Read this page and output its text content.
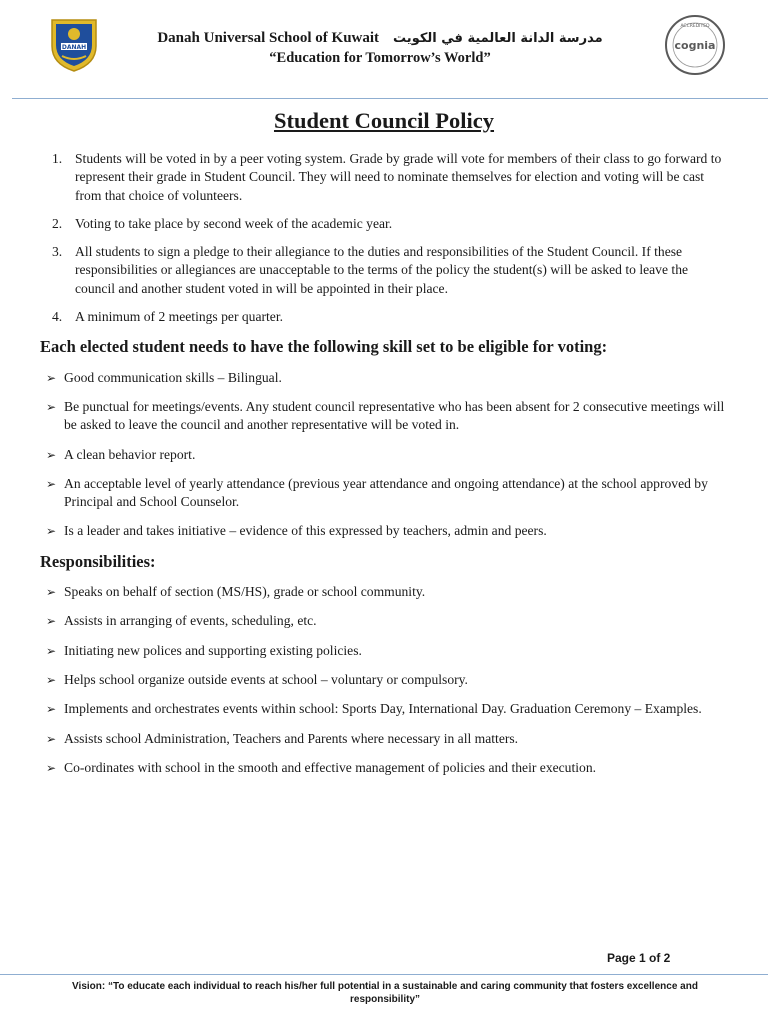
DANAH
Danah Universal School of Kuwait مدرسة الدانة العالمية في الكويت
“Education for Tomorrow’s World”
ACCREDITED
cognia
Student Council Policy
1. Students will be voted in by a peer voting system. Grade by grade will vote for members of their class to go forward to represent their grade in Student Council. They will need to nominate themselves for election and voting will be cast from that choice of volunteers.
2. Voting to take place by second week of the academic year.
3. All students to sign a pledge to their allegiance to the duties and responsibilities of the Student Council. If these responsibilities or allegiances are unacceptable to the terms of the policy the student(s) will be asked to leave the council and another student voted in will be appointed in their place.
4. A minimum of 2 meetings per quarter.
Each elected student needs to have the following skill set to be eligible for voting:
➢ Good communication skills – Bilingual.
➢ Be punctual for meetings/events. Any student council representative who has been absent for 2 consecutive meetings will be asked to leave the council and another representative will be voted in.
➢ A clean behavior report.
➢ An acceptable level of yearly attendance (previous year attendance and ongoing attendance) at the school approved by Principal and School Counselor.
➢ Is a leader and takes initiative – evidence of this expressed by teachers, admin and peers.
Responsibilities:
➢ Speaks on behalf of section (MS/HS), grade or school community.
➢ Assists in arranging of events, scheduling, etc.
➢ Initiating new polices and supporting existing policies.
➢ Helps school organize outside events at school – voluntary or compulsory.
➢ Implements and orchestrates events within school: Sports Day, International Day. Graduation Ceremony – Examples.
➢ Assists school Administration, Teachers and Parents where necessary in all matters.
➢ Co-ordinates with school in the smooth and effective management of policies and their execution.
Page 1 of 2
Vision: “To educate each individual to reach his/her full potential in a sustainable and caring community that fosters excellence and responsibility”
